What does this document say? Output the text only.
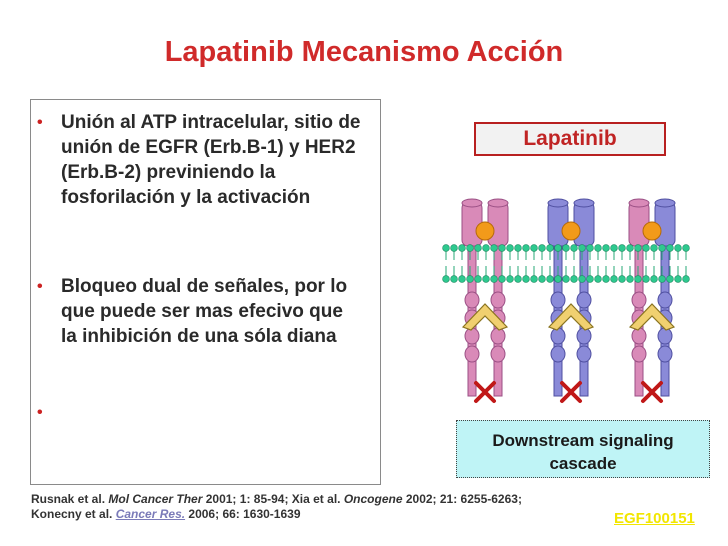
Lapatinib Mecanismo Acción
• Unión al ATP intracelular, sitio de unión de EGFR (Erb.B-1) y HER2 (Erb.B-2) previniendo la fosforilación y la activación
• Bloqueo dual de señales, por lo que puede ser mas efecivo que la inhibición de una sóla diana
•
Lapatinib
Downstream signaling
cascade
Rusnak et al. Mol Cancer Ther 2001; 1: 85-94; Xia et al. Oncogene 2002; 21: 6255-6263;
Konecny et al. Cancer Res. 2006; 66: 1630-1639	EGF100151
